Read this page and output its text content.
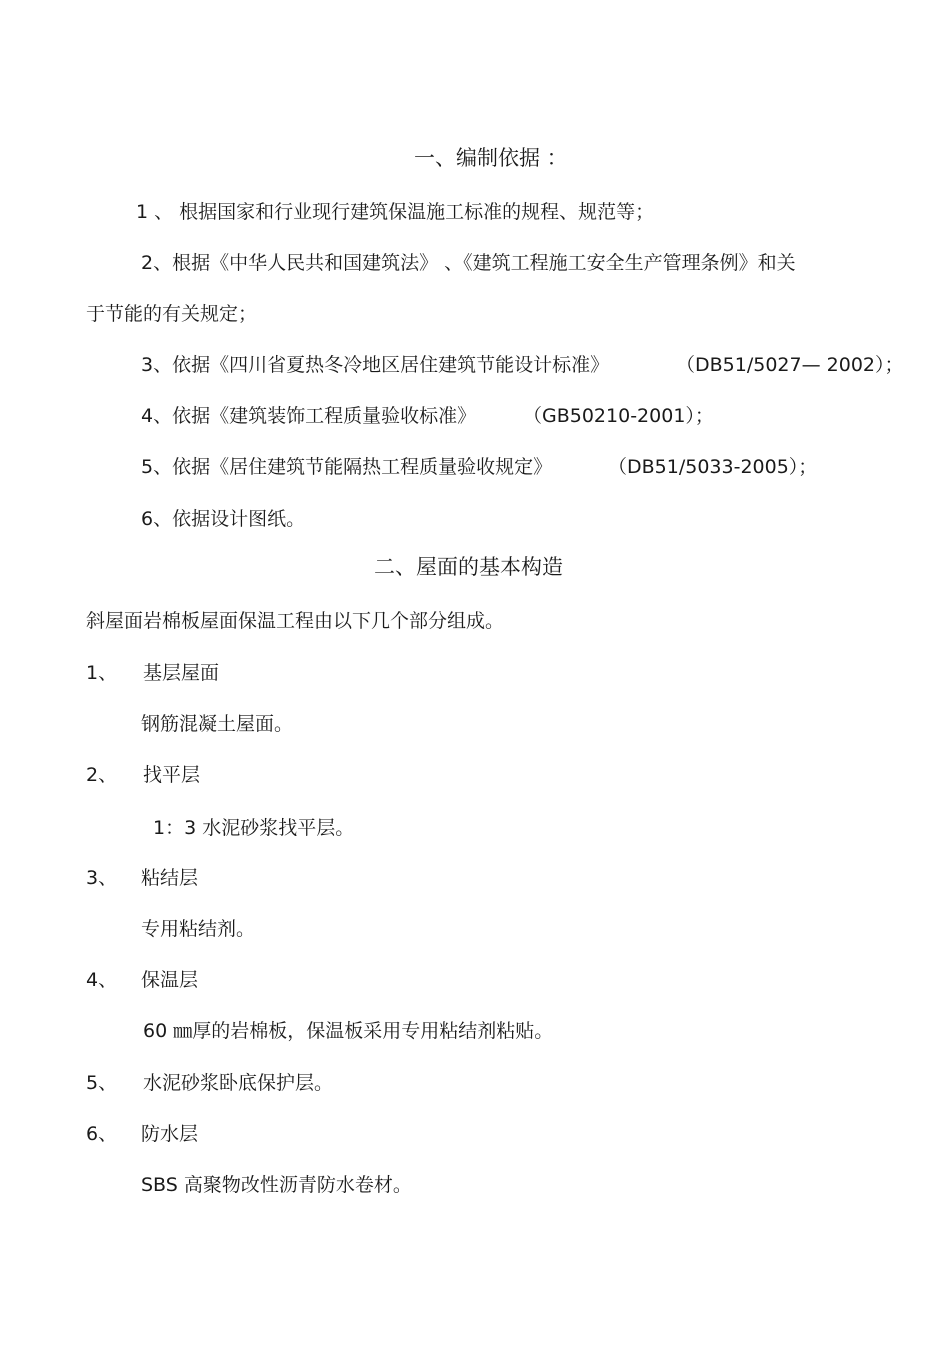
一、编制依据 ：
1 、 根据国家和行业现行建筑保温施工标准的规程、规范等；
2、根据《中华人民共和国建筑法》 、《建筑工程施工安全生产管理条例》和关
于节能的有关规定；
3、依据《四川省夏热冬冷地区居住建筑节能设计标准》	（DB51/5027— 2002）；
4、依据《建筑装饰工程质量验收标准》 （GB50210-2001）；
5、依据《居住建筑节能隔热工程质量验收规定》	（DB51/5033-2005）；
6、依据设计图纸。
二、屋面的基本构造
斜屋面岩棉板屋面保温工程由以下几个部分组成。
1、 基层屋面
钢筋混凝土屋面。
2、 找平层
1：3 水泥砂浆找平层。
3、 粘结层
专用粘结剂。
4、 保温层
60 ㎜厚的岩棉板，保温板采用专用粘结剂粘贴。
5、 水泥砂浆卧底保护层。
6、 防水层
SBS 高聚物改性沥青防水卷材。
